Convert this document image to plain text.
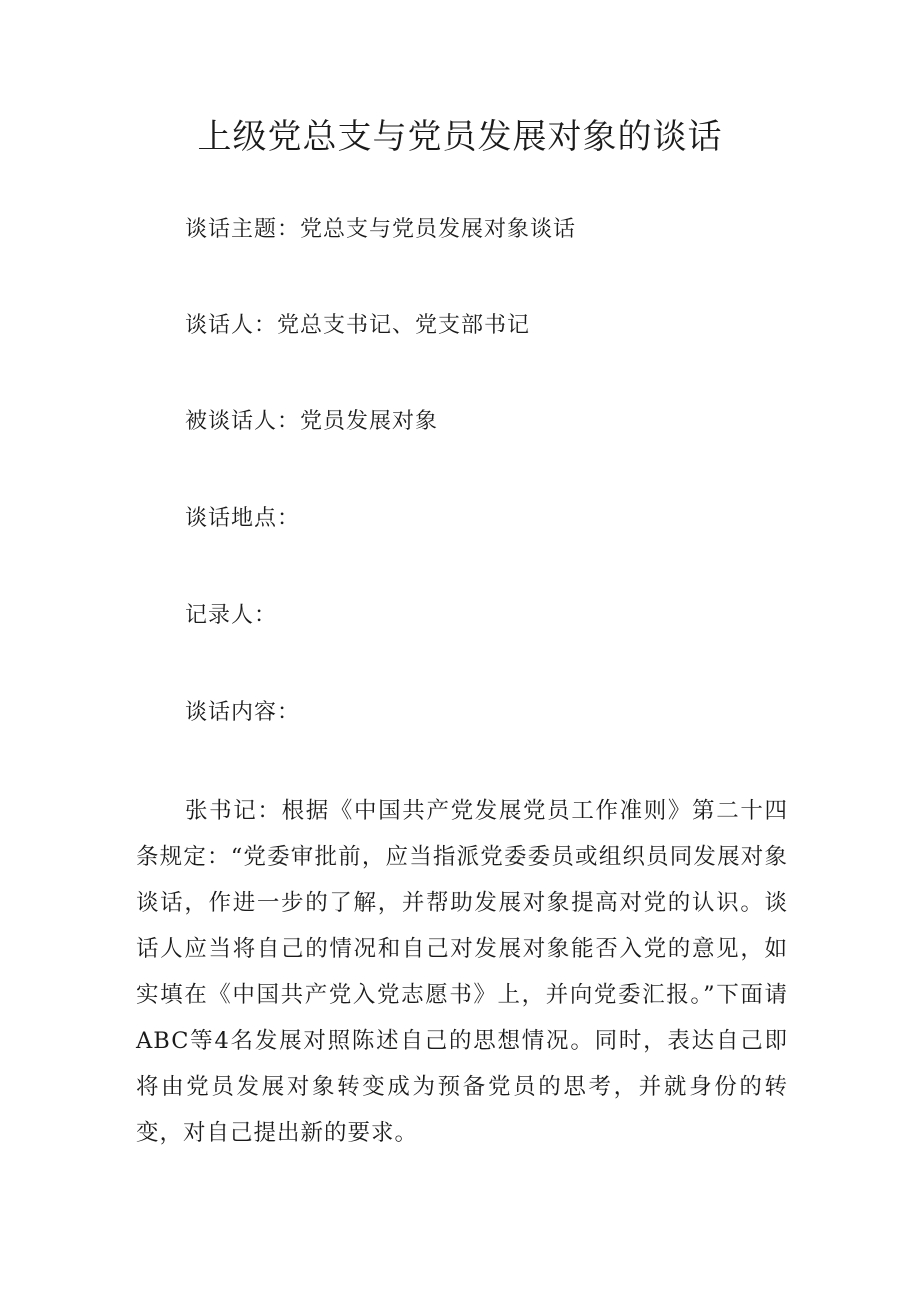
上级党总支与党员发展对象的谈话

谈话主题：党总支与党员发展对象谈话

谈话人：党总支书记、党支部书记

被谈话人：党员发展对象

谈话地点：

记录人：

谈话内容：

张书记：根据《中国共产党发展党员工作准则》第二十四条规定：“党委审批前，应当指派党委委员或组织员同发展对象谈话，作进一步的了解，并帮助发展对象提高对党的认识。谈话人应当将自己的情况和自己对发展对象能否入党的意见，如实填在《中国共产党入党志愿书》上，并向党委汇报。”下面请ABC等4名发展对照陈述自己的思想情况。同时，表达自己即将由党员发展对象转变成为预备党员的思考，并就身份的转变，对自己提出新的要求。
